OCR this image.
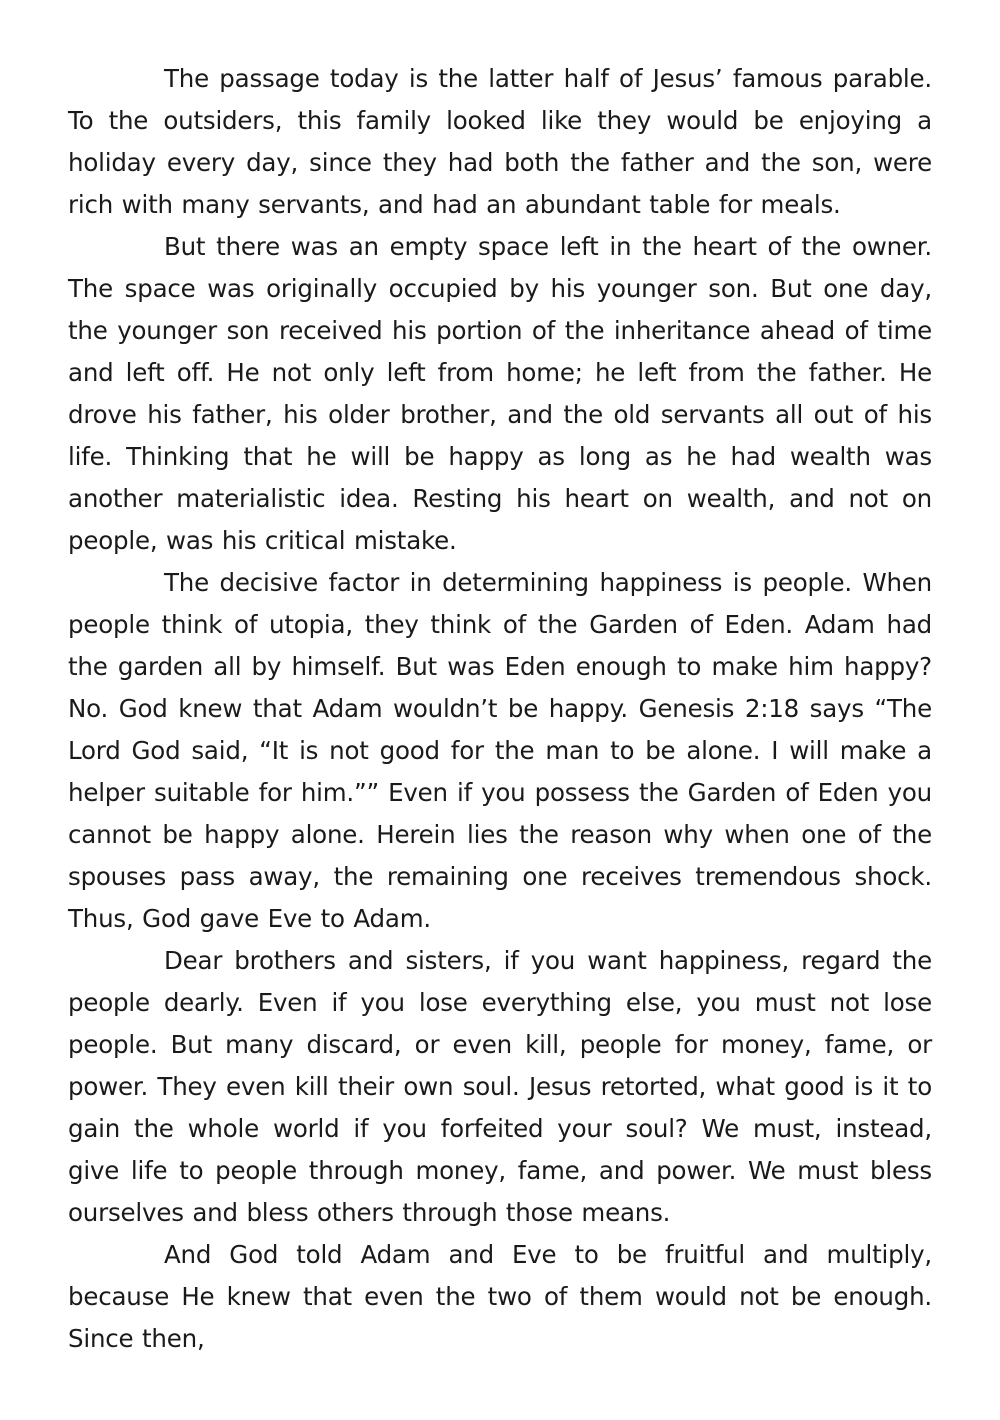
The passage today is the latter half of Jesus’ famous parable. To the outsiders, this family looked like they would be enjoying a holiday every day, since they had both the father and the son, were rich with many servants, and had an abundant table for meals.

But there was an empty space left in the heart of the owner. The space was originally occupied by his younger son. But one day, the younger son received his portion of the inheritance ahead of time and left off. He not only left from home; he left from the father. He drove his father, his older brother, and the old servants all out of his life. Thinking that he will be happy as long as he had wealth was another materialistic idea. Resting his heart on wealth, and not on people, was his critical mistake.

The decisive factor in determining happiness is people. When people think of utopia, they think of the Garden of Eden. Adam had the garden all by himself. But was Eden enough to make him happy? No. God knew that Adam wouldn’t be happy. Genesis 2:18 says “The Lord God said, “It is not good for the man to be alone. I will make a helper suitable for him.”” Even if you possess the Garden of Eden you cannot be happy alone. Herein lies the reason why when one of the spouses pass away, the remaining one receives tremendous shock. Thus, God gave Eve to Adam.

Dear brothers and sisters, if you want happiness, regard the people dearly. Even if you lose everything else, you must not lose people. But many discard, or even kill, people for money, fame, or power. They even kill their own soul. Jesus retorted, what good is it to gain the whole world if you forfeited your soul? We must, instead, give life to people through money, fame, and power. We must bless ourselves and bless others through those means.

And God told Adam and Eve to be fruitful and multiply, because He knew that even the two of them would not be enough. Since then,
